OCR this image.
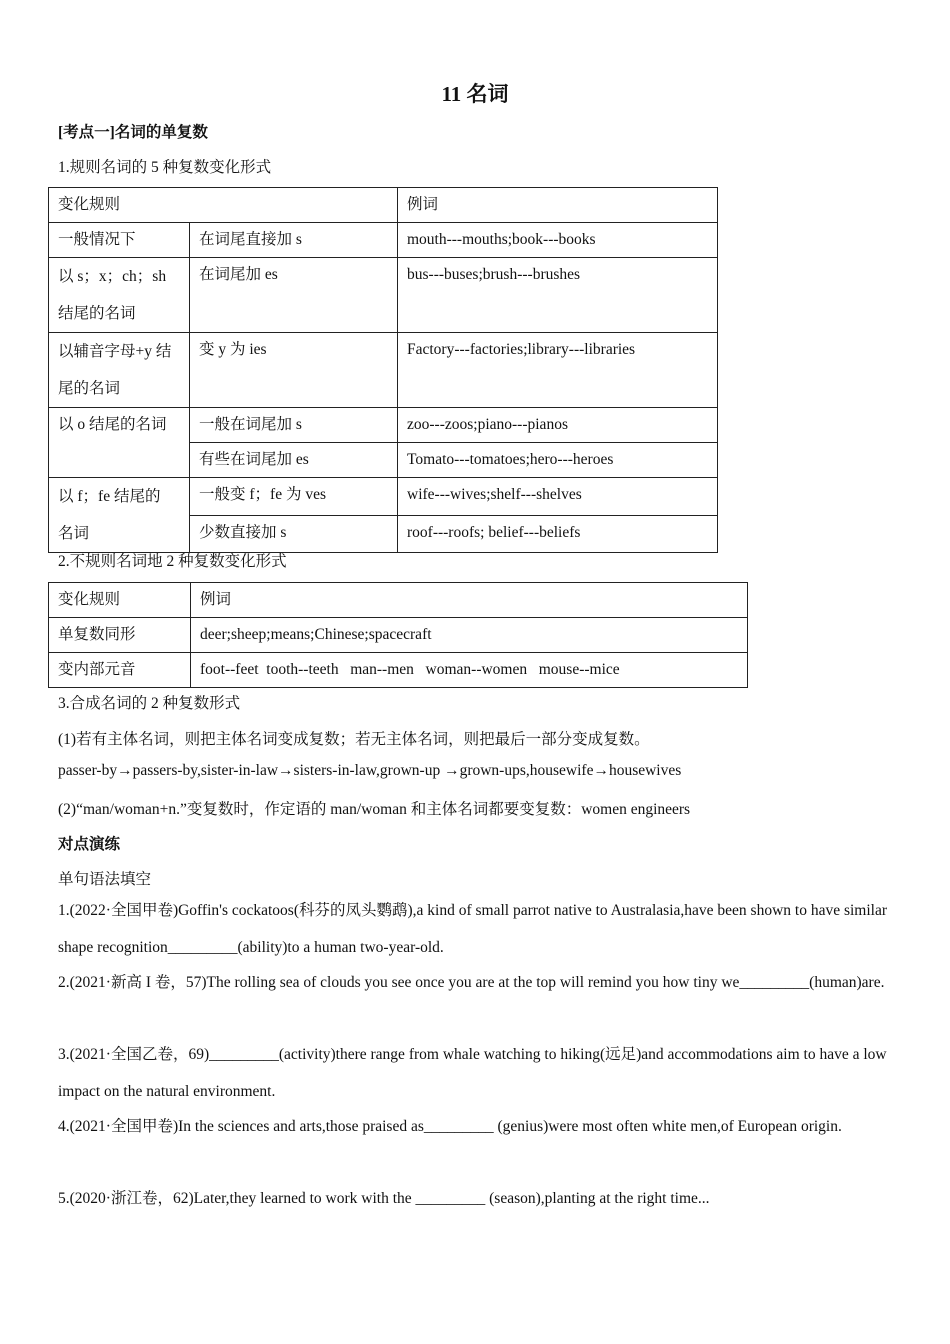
11 名词
[考点一]名词的单复数
1.规则名词的 5 种复数变化形式
变化规则		例词
一般情况下	在词尾直接加 s	mouth---mouths;book---books

以 s；x；ch；sh
结尾的名词	在词尾加 es	bus---buses;brush---brushes

以辅音字母+y 结
尾的名词	变 y 为 ies	Factory---factories;library---libraries
以 o 结尾的名词	一般在词尾加 s	zoo---zoos;piano---pianos
	有些在词尾加 es	Tomato---tomatoes;hero---heroes

以 f；fe 结尾的
名词	一般变 f；fe 为 ves	wife---wives;shelf---shelves
	少数直接加 s	roof---roofs; belief---beliefs
2.不规则名词地 2 种复数变化形式
变化规则	例词
单复数同形	deer;sheep;means;Chinese;spacecraft
变内部元音	foot--feet  tooth--teeth   man--men   woman--women   mouse--mice
3.合成名词的 2 种复数形式
(1)若有主体名词，则把主体名词变成复数；若无主体名词，则把最后一部分变成复数。
passer-by→passers-by,sister-in-law→sisters-in-law,grown-up →grown-ups,housewife→housewives
(2)“man/woman+n.”变复数时，作定语的 man/woman 和主体名词都要变复数：women engineers
对点演练
单句语法填空
1.(2022·全国甲卷)Goffin's cockatoos(科芬的凤头鹦鹉),a kind of small parrot native to Australasia,have been shown to have similar shape recognition_________(ability)to a human two-year-old.
2.(2021·新高 I 卷，57)The rolling sea of clouds you see once you are at the top will remind you how tiny we_________(human)are.
3.(2021·全国乙卷，69)_________(activity)there range from whale watching to hiking(远足)and accommodations aim to have a low impact on the natural environment.
4.(2021·全国甲卷)In the sciences and arts,those praised as_________ (genius)were most often white men,of European origin.
5.(2020·浙江卷，62)Later,they learned to work with the _________ (season),planting at the right time...
